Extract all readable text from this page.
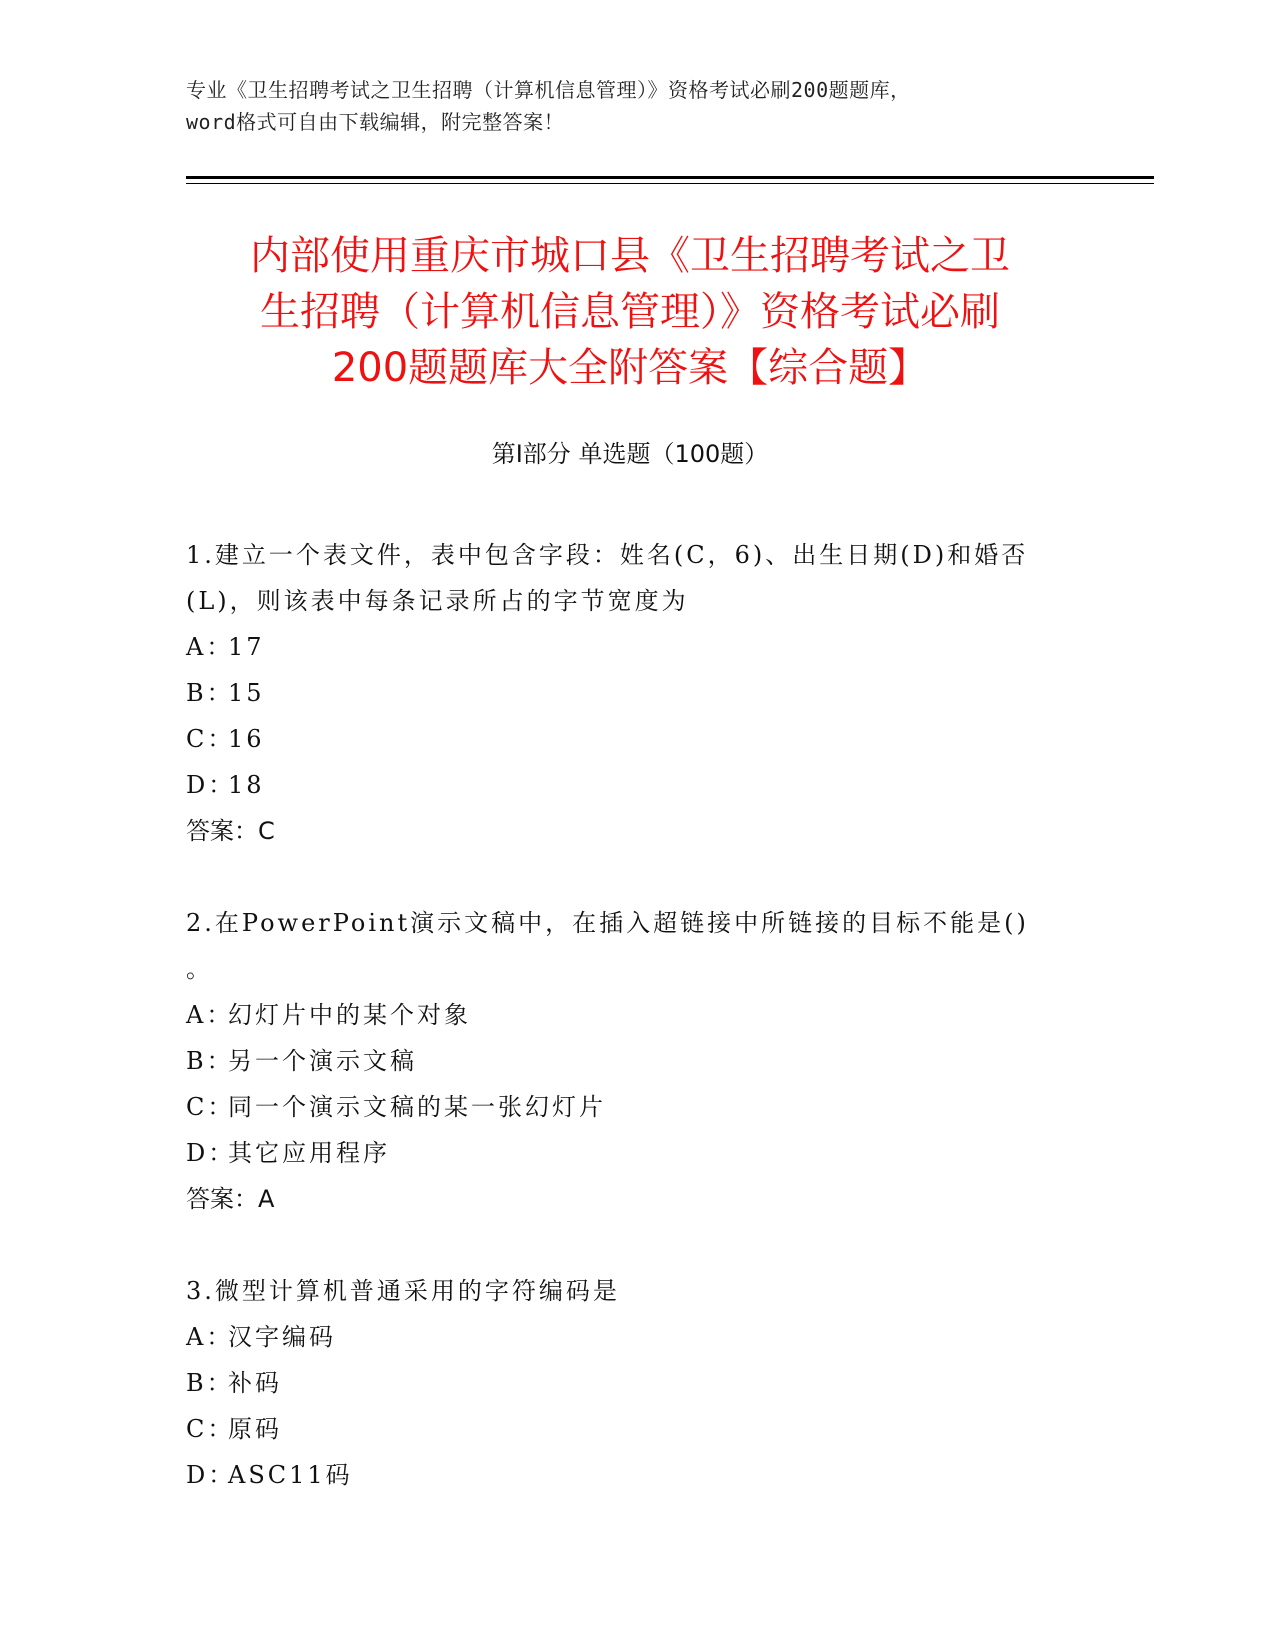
专业《卫生招聘考试之卫生招聘（计算机信息管理）》资格考试必刷200题题库，
word格式可自由下载编辑，附完整答案！
内部使用重庆市城口县《卫生招聘考试之卫
生招聘（计算机信息管理）》资格考试必刷
200题题库大全附答案【综合题】
第Ⅰ部分 单选题（100题）
1.建立一个表文件，表中包含字段：姓名(C，6)、出生日期(D)和婚否
(L)，则该表中每条记录所占的字节宽度为
A：17
B：15
C：16
D：18
答案：C
2.在PowerPoint演示文稿中，在插入超链接中所链接的目标不能是()
。
A：幻灯片中的某个对象
B：另一个演示文稿
C：同一个演示文稿的某一张幻灯片
D：其它应用程序
答案：A
3.微型计算机普通采用的字符编码是
A：汉字编码
B：补码
C：原码
D：ASC11码
